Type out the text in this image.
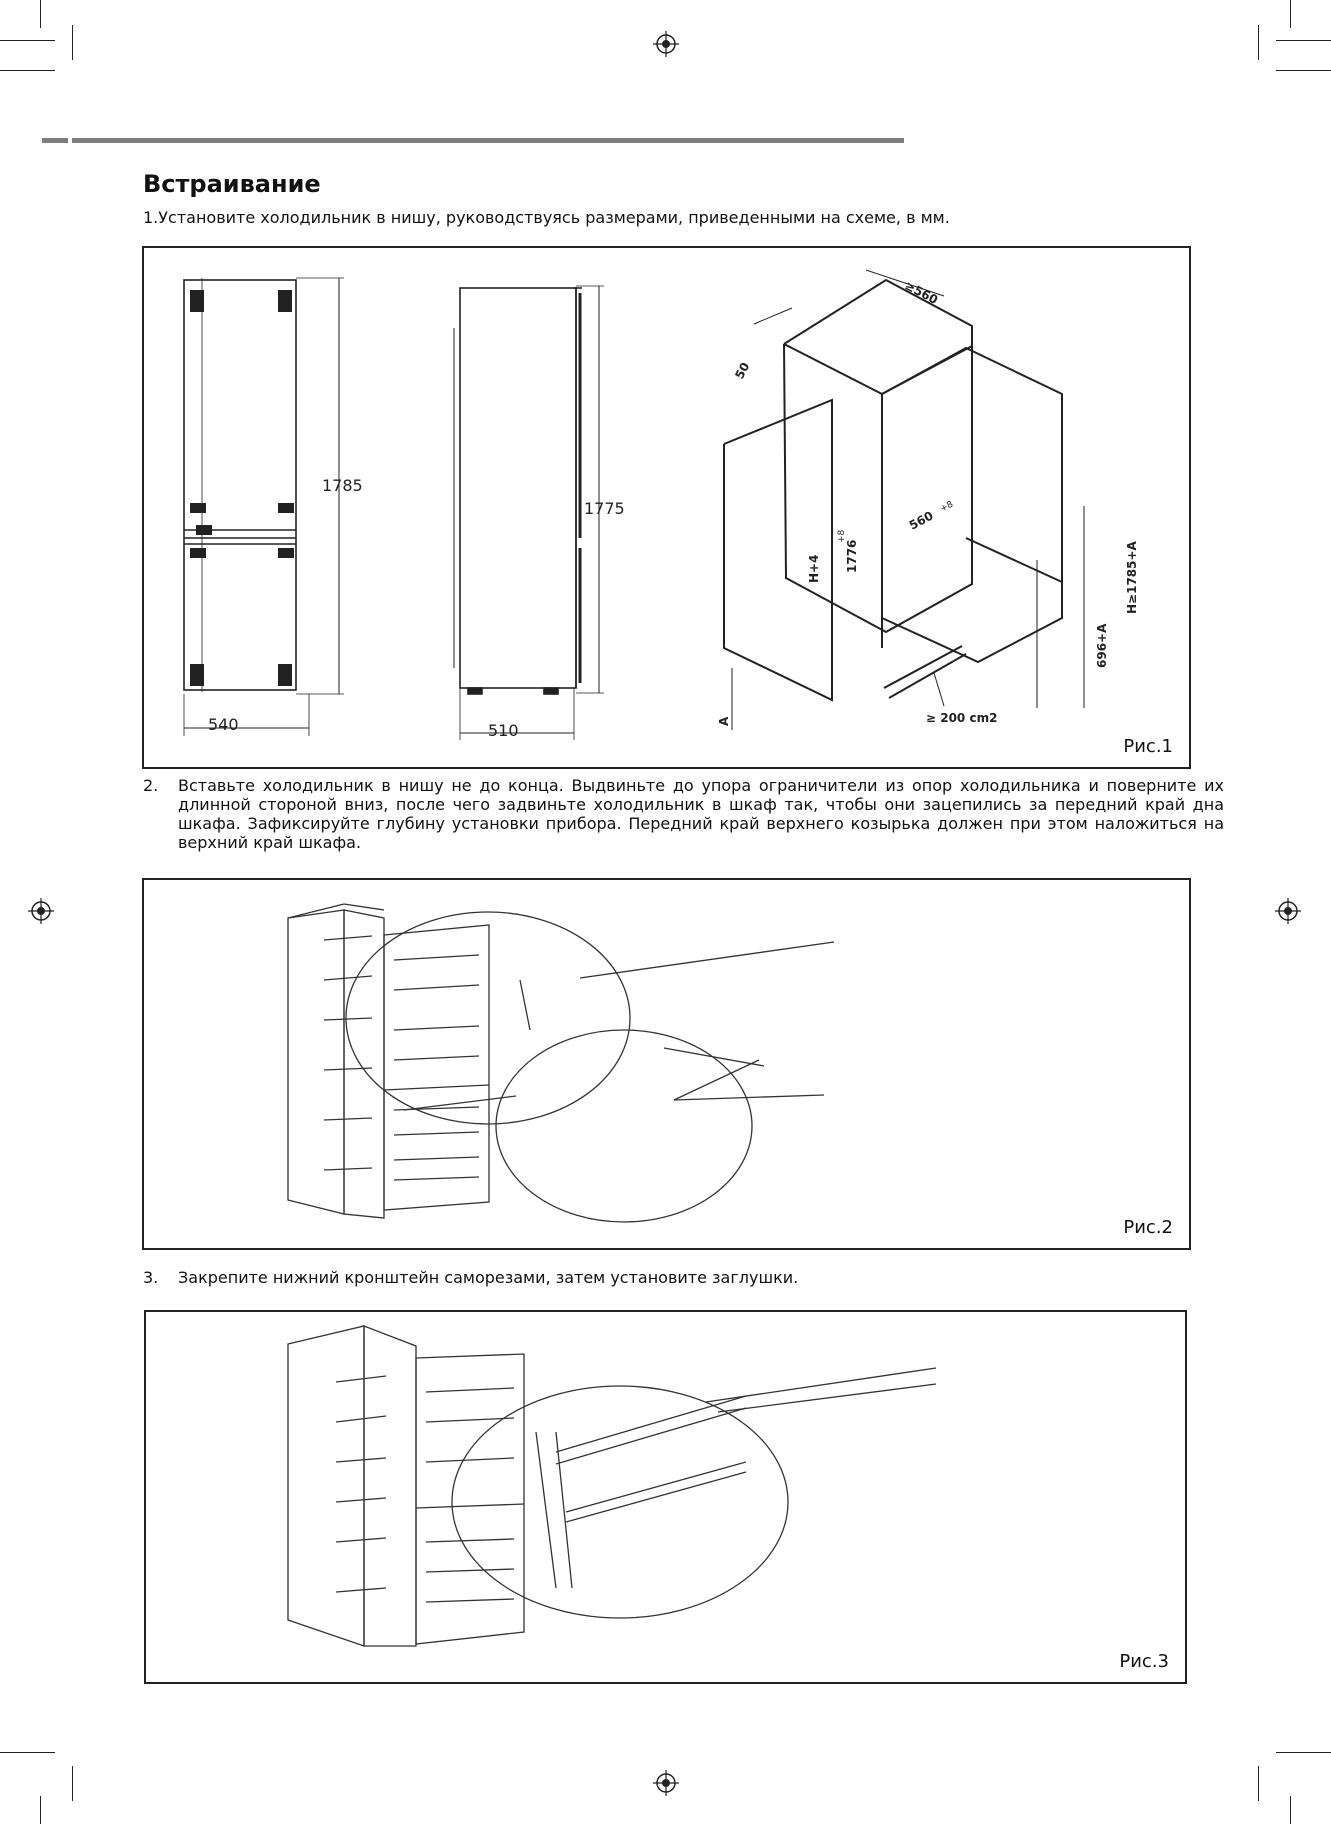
Встраивание
1.Установите холодильник в нишу, руководствуясь размерами, приведенными на схеме, в мм.
1785
540
1775
510
≥560
50
560
+8
H+4 1776
+8
H≥1785+A
696+A
A	≥ 200 cm2
Рис.1
2. Вставьте холодильник в нишу не до конца. Выдвиньте до упора ограничители из опор холодильника и поверните их длинной стороной вниз, после чего задвиньте холодильник в шкаф так, чтобы они зацепились за передний край дна шкафа. Зафиксируйте глубину установки прибора. Передний край верхнего козырька должен при этом наложиться на верхний край шкафа.
Рис.2
3. Закрепите нижний кронштейн саморезами, затем установите заглушки.
Рис.3
